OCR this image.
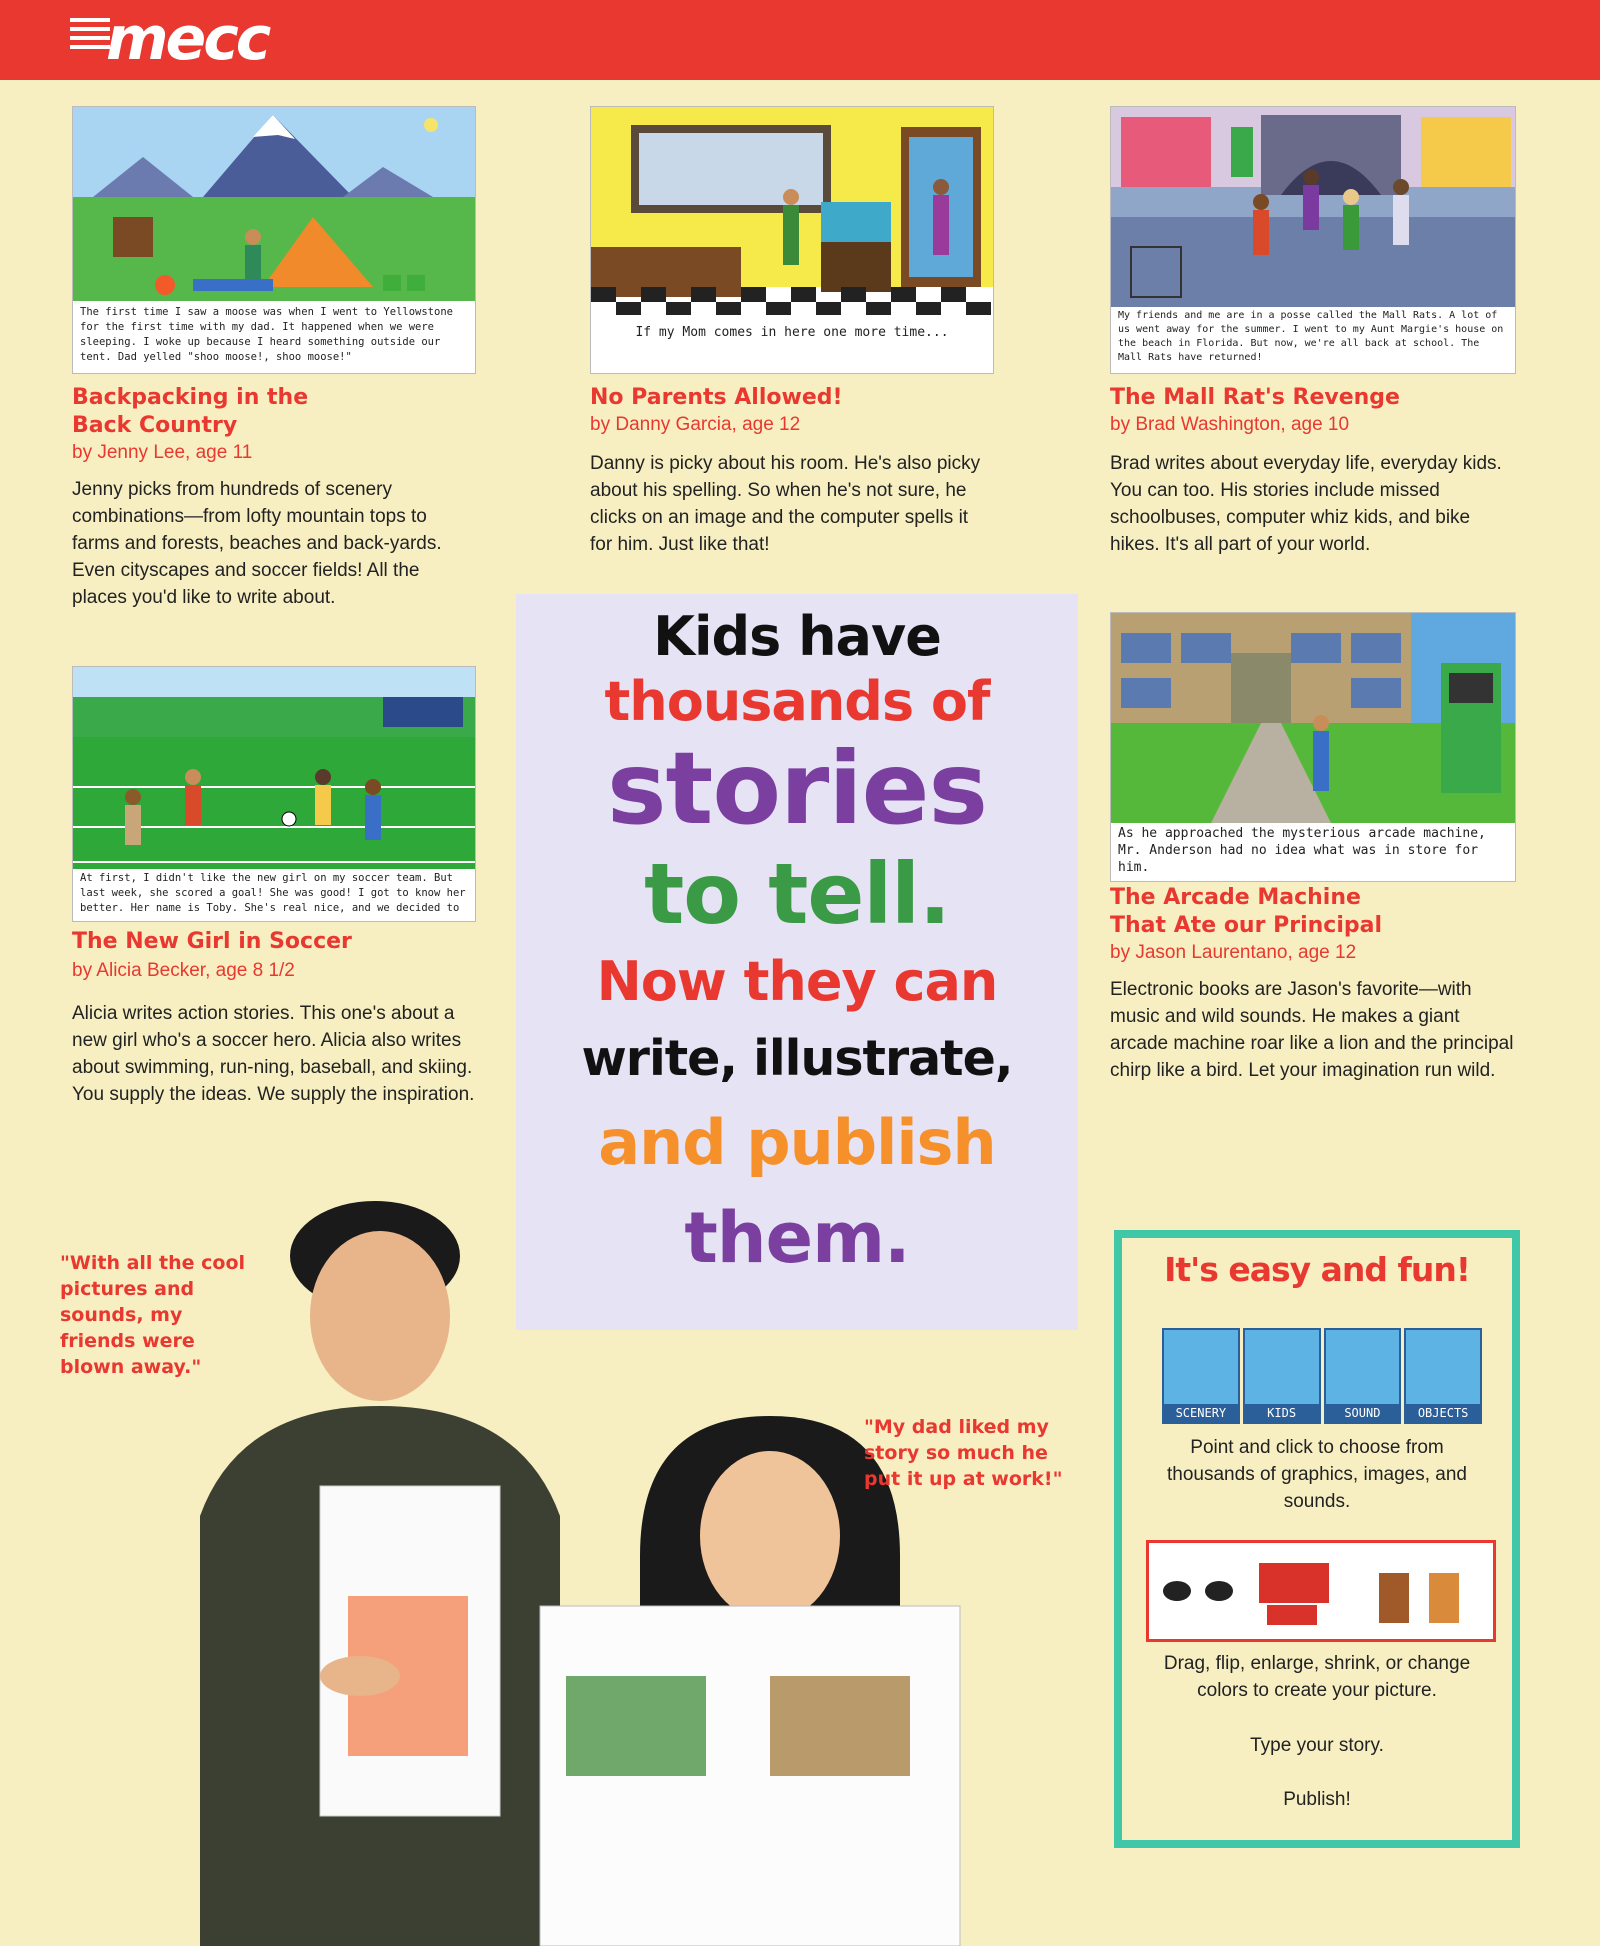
mecc
The first time I saw a moose was when I went to Yellowstone for the first time with my dad. It happened when we were sleeping. I woke up because I heard something outside our tent. Dad yelled "shoo moose!, shoo moose!"
Backpacking in the
Back Country
by Jenny Lee, age 11
Jenny picks from hundreds of scenery combinations—from lofty mountain tops to farms and forests, beaches and back-yards. Even cityscapes and soccer fields! All the places you'd like to write about.
If my Mom comes in here one more time...
No Parents Allowed!
by Danny Garcia, age 12
Danny is picky about his room. He's also picky about his spelling. So when he's not sure, he clicks on an image and the computer spells it for him. Just like that!
My friends and me are in a posse called the Mall Rats. A lot of us went away for the summer. I went to my Aunt Margie's house on the beach in Florida. But now, we're all back at school. The Mall Rats have returned!
The Mall Rat's Revenge
by Brad Washington, age 10
Brad writes about everyday life, everyday kids. You can too. His stories include missed schoolbuses, computer whiz kids, and bike hikes. It's all part of your world.
At first, I didn't like the new girl on my soccer team. But last week, she scored a goal! She was good! I got to know her better. Her name is Toby. She's real nice, and we decided to
The New Girl in Soccer
by Alicia Becker, age 8 1/2
Alicia writes action stories. This one's about a new girl who's a soccer hero. Alicia also writes about swimming, run-ning, baseball, and skiing. You supply the ideas. We supply the inspiration.
As he approached the mysterious arcade machine, Mr. Anderson had no idea what was in store for him.
The Arcade Machine
That Ate our Principal
by Jason Laurentano, age 12
Electronic books are Jason's favorite—with music and wild sounds. He makes a giant arcade machine roar like a lion and the principal chirp like a bird. Let your imagination run wild.
Kids have
thousands of
stories
to tell.
Now they can
write, illustrate,
and publish
them.
"With all the cool pictures and sounds, my friends were blown away."
"My dad liked my story so much he put it up at work!"
It's easy and fun!
SCENERY	KIDS	SOUND	OBJECTS
Point and click to choose from thousands of graphics, images, and sounds.
Drag, flip, enlarge, shrink, or change colors to create your picture.
Type your story.
Publish!
